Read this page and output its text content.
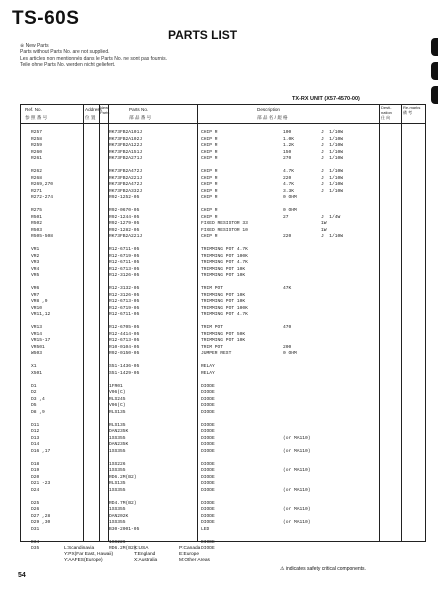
TS-60S
PARTS LIST
※ New Parts
Parts without Parts No. are not supplied.
Les articles non mentionnés dans le Parts No. ne sont pas fournis.
Teile ohne Parts No. werden nicht geliefert.
TX-RX UNIT (X57-4570-00)
Ref. No.
参 照 番 号
Address
位 置
New Parts
Parts No.
部 品 番 号
Description
部 品 名 / 規 格
Desti-nation
仕 向
Re-marks
備 考
R257	RK73FB2A101J	CHIP R	100	J  1/10W
R258	RK73FB2A102J	CHIP R	1.0K	J  1/10W
R259	RK73FB2A122J	CHIP R	1.2K	J  1/10W
R260	RK73FB2A151J	CHIP R	150	J  1/10W
R261	RK73FB2A271J	CHIP R	270	J  1/10W
R262	RK73FB2A472J	CHIP R	4.7K	J  1/10W
R268	RK73FB2A221J	CHIP R	220	J  1/10W
R269,270	RK73FB2A472J	CHIP R	4.7K	J  1/10W
R271	RK73FB2A332J	CHIP R	3.3K	J  1/10W
R272-274	R92-1252-05	CHIP R	0 OHM
R275	R92-0670-05	CHIP R	0 OHM
R501	R92-1244-05	CHIP R	27	J  1/4W
R502	R92-1279-05	FIXED RESISTOR 33	1W
R503	R92-1282-05	FIXED RESISTOR 10	1W
R505-508	RK73FB2A221J	CHIP R	220	J  1/10W
VR1	R12-6711-05	TRIMMING POT 4.7K
VR2	R12-6719-05	TRIMMING POT 100K
VR3	R12-6711-05	TRIMMING POT 4.7K
VR4	R12-6713-05	TRIMMING POT 10K
VR5	R12-3126-05	TRIMMING POT 10K
VR6	R12-3132-05	TRIM POT	47K
VR7	R12-3126-05	TRIMMING POT 10K
VR8 ,9	R12-6713-05	TRIMMING POT 10K
VR10	R12-6719-05	TRIMMING POT 100K
VR11,12	R12-6711-05	TRIMMING POT 4.7K
VR13	R12-6705-05	TRIM POT	470
VR14	R12-4414-05	TRIMMING POT 50K
VR15-17	R12-6713-05	TRIMMING POT 10K
VR501	R10-0104-05	TRIM POT	200
W503	R92-0150-05	JUMPER REST	0 OHM
X1	S51-1436-05	RELAY
X501	S51-1429-05	RELAY
D1	1FR01	DIODE
D2	V06(C)	DIODE
D3 ,4	RLS245	DIODE
D5	V06(C)	DIODE
D8 ,9	RLS135	DIODE
D11	RLS135	DIODE
D12	DAN235K	DIODE
D13	1SS355	DIODE	(or MA110)
D14	DAN235K	DIODE
D16 ,17	1SS355	DIODE	(or MA110)
D18	1SS226	DIODE
D19	1SS355	DIODE	(or MA110)
D20	RD6.2M(B2)	DIODE
D21 -23	RLS135	DIODE
D24	1SS355	DIODE	(or MA110)
D25	RD4.7M(B2)	DIODE
D26	1SS355	DIODE	(or MA110)
D27 ,28	DAN202K	DIODE
D29 ,30	1SS355	DIODE	(or MA110)
D31	B30-2001-05	LED
D34	1SS226	DIODE
D35	RD6.2M(B2)	DIODE
L:Scandinavia
Y:PX(Far East, Hawaii)
Y:AAFES(Europe)
K:USA
T:England
X:Australia
P:Canada
E:Europe
M:Other Areas
54
⚠ indicates safety critical components.
